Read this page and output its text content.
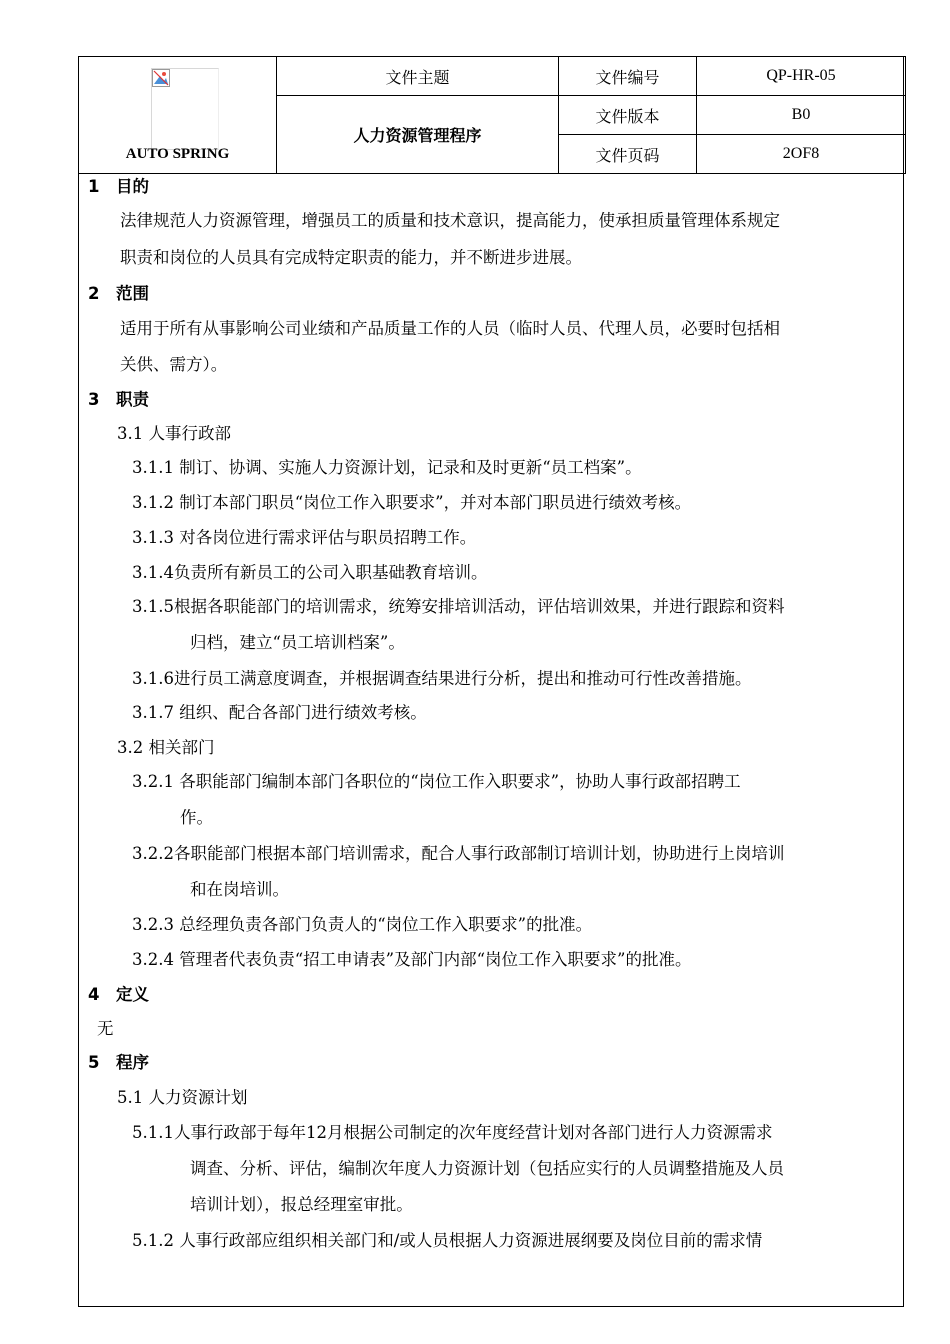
AUTO SPRING	文件主题	文件编号	QP-HR-05
	人力资源管理程序	文件版本	B0
		文件页码	2OF8
1 目的
法律规范人力资源管理，增强员工的质量和技术意识，提高能力，使承担质量管理体系规定
职责和岗位的人员具有完成特定职责的能力，并不断进步进展。
2 范围
适用于所有从事影响公司业绩和产品质量工作的人员（临时人员、代理人员，必要时包括相
关供、需方）。
3 职责
3.1 人事行政部
3.1.1 制订、协调、实施人力资源计划，记录和及时更新“员工档案”。
3.1.2 制订本部门职员“岗位工作入职要求”，并对本部门职员进行绩效考核。
3.1.3 对各岗位进行需求评估与职员招聘工作。
3.1.4负责所有新员工的公司入职基础教育培训。
3.1.5根据各职能部门的培训需求，统筹安排培训活动，评估培训效果，并进行跟踪和资料
归档，建立“员工培训档案”。
3.1.6进行员工满意度调查，并根据调查结果进行分析，提出和推动可行性改善措施。
3.1.7 组织、配合各部门进行绩效考核。
3.2 相关部门
3.2.1 各职能部门编制本部门各职位的“岗位工作入职要求”，协助人事行政部招聘工
作。
3.2.2各职能部门根据本部门培训需求，配合人事行政部制订培训计划，协助进行上岗培训
和在岗培训。
3.2.3 总经理负责各部门负责人的“岗位工作入职要求”的批准。
3.2.4 管理者代表负责“招工申请表”及部门内部“岗位工作入职要求”的批准。
4 定义
无
5 程序
5.1 人力资源计划
5.1.1人事行政部于每年12月根据公司制定的次年度经营计划对各部门进行人力资源需求
调查、分析、评估，编制次年度人力资源计划（包括应实行的人员调整措施及人员
培训计划），报总经理室审批。
5.1.2 人事行政部应组织相关部门和/或人员根据人力资源进展纲要及岗位目前的需求情
